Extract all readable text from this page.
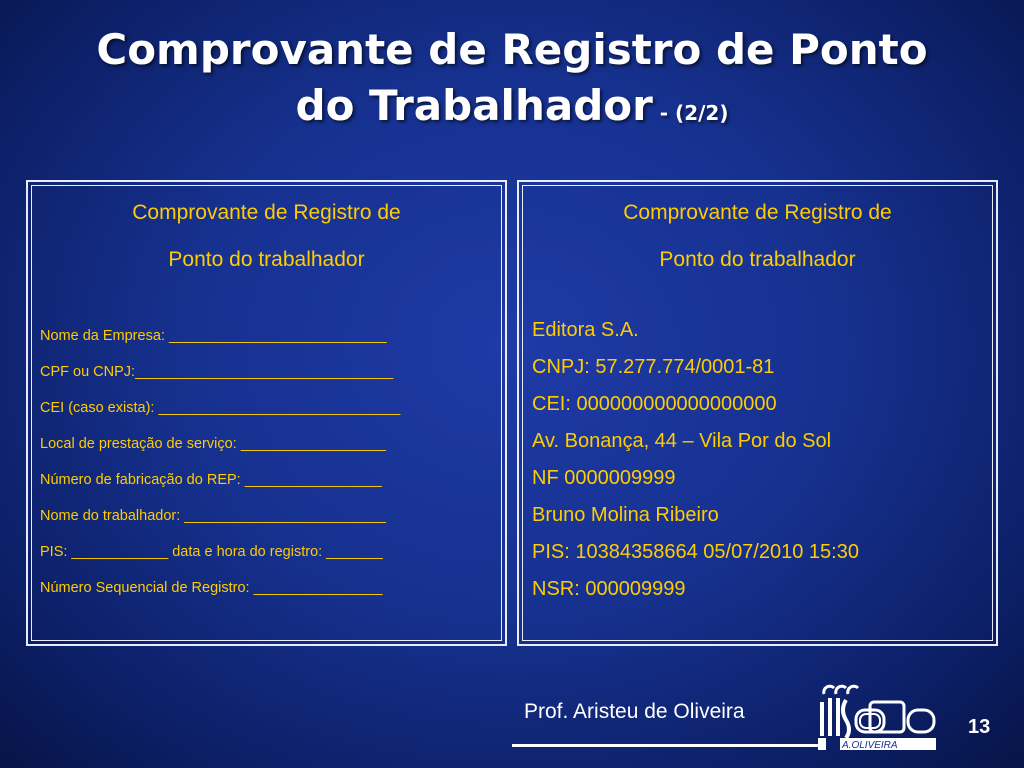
Comprovante de Registro de Ponto
do Trabalhador - (2/2)
Comprovante de Registro de
Ponto do trabalhador
Nome da Empresa: ___________________________
CPF ou CNPJ:________________________________
CEI (caso exista): ______________________________
Local de prestação de serviço: __________________
Número de fabricação do REP: _________________
Nome do trabalhador: _________________________
PIS: ____________ data e hora do registro: _______
Número Sequencial de Registro: ________________
Comprovante de Registro de
Ponto do trabalhador
Editora S.A.
CNPJ: 57.277.774/0001-81
CEI: 000000000000000000
Av. Bonança, 44 – Vila Por do Sol
NF 0000009999
Bruno Molina Ribeiro
PIS: 10384358664 05/07/2010 15:30
NSR: 000009999
Prof. Aristeu de Oliveira
A.OLIVEIRA
13
